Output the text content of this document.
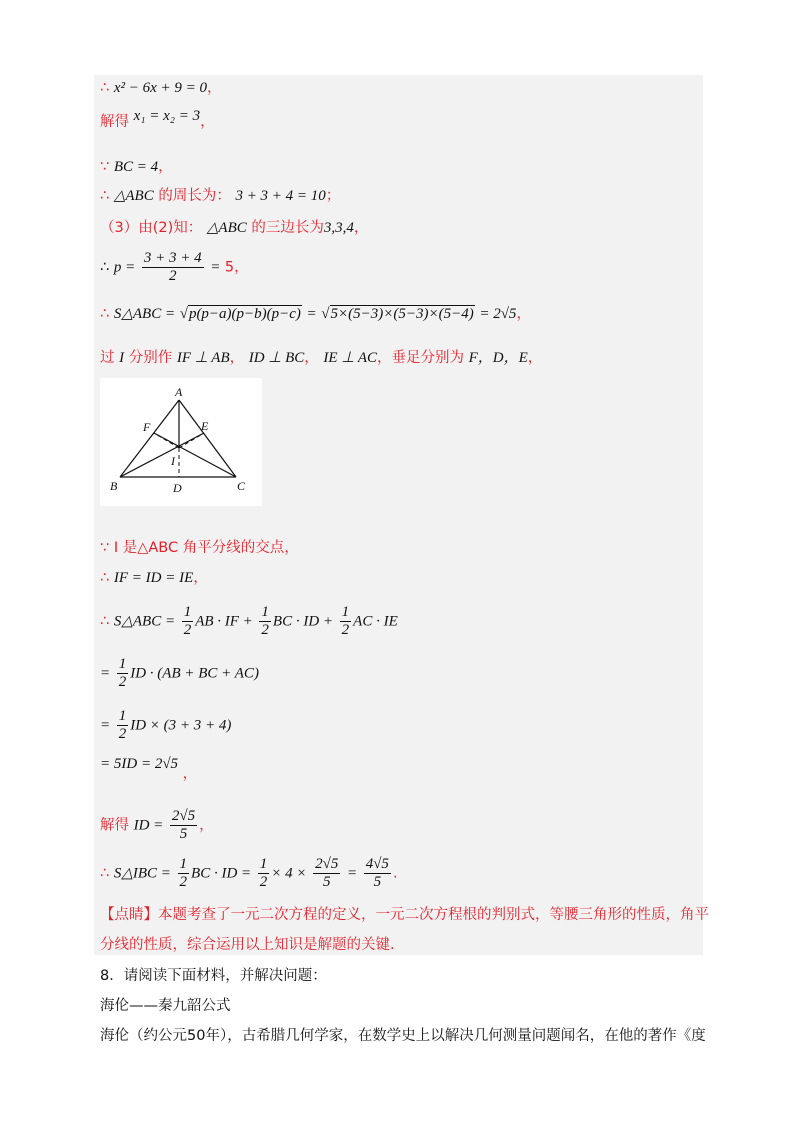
∴ x² − 6x + 9 = 0，
解得 x₁ = x₂ = 3，
∵ BC = 4，
∴ △ABC 的周长为： 3 + 3 + 4 = 10；
（3）由(2)知： △ABC 的三边长为3,3,4，
∴ $p = \frac{3 + 3 + 4}{2} = 5$，
∴ S△ABC = √p(p−a)(p−b)(p−c) = √5×(5−3)×(5−3)×(5−4) = 2√5，
过 I 分别作 IF ⊥ AB， ID ⊥ BC， IE ⊥ AC，垂足分别为 F，D，E，
A
B	C
D
E
F
I
∵ I 是△ABC 角平分线的交点，
∴ IF = ID = IE，
∴ S△ABC = $\frac{1}{2}$ AB · IF + $\frac{1}{2}$ BC · ID + $\frac{1}{2}$ AC · IE
= $\frac{1}{2}$ ID · (AB + BC + AC)
= $\frac{1}{2}$ ID × (3 + 3 + 4)
= 5ID = 2√5 ，
解得 ID = $\frac{2√5}{5}$ ，
∴ S△IBC = $\frac{1}{2}$ BC · ID = $\frac{1}{2} \times 4 \times \frac{2√5}{5} = \frac{4√5}{5}$ .
【点睛】本题考查了一元二次方程的定义，一元二次方程根的判别式，等腰三角形的性质，角平
分线的性质，综合运用以上知识是解题的关键.
8．请阅读下面材料，并解决问题：
海伦——秦九韶公式
海伦（约公元50年），古希腊几何学家，在数学史上以解决几何测量问题闻名，在他的著作《度
